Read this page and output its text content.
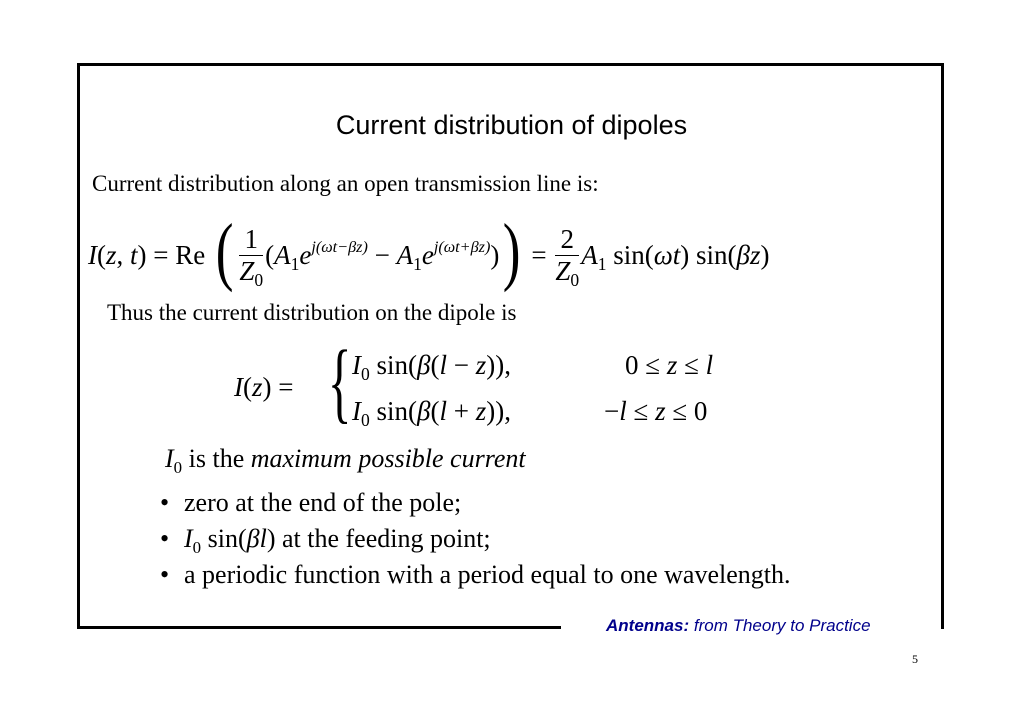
Current distribution of dipoles
Current distribution along an open transmission line is:
I(z, t) = Re ( $\frac{1}{Z_0} (A_1e^{j(\omega t-\beta z)} - A_1e^{j(\omega t+\beta z)})) = \frac{2}{Z_0} A_1$ sin(ωt) sin(βz)
Thus the current distribution on the dipole is
I(z) = { $I_0$ sin(β(l − z)),	0 ≤ z ≤ l
$I_0$ sin(β(l + z)),	−l ≤ z ≤ 0
$I_0$ is the maximum possible current
• zero at the end of the pole;
• $I_0$ sin(βl) at the feeding point;
• a periodic function with a period equal to one wavelength.
Antennas: from Theory to Practice
5
